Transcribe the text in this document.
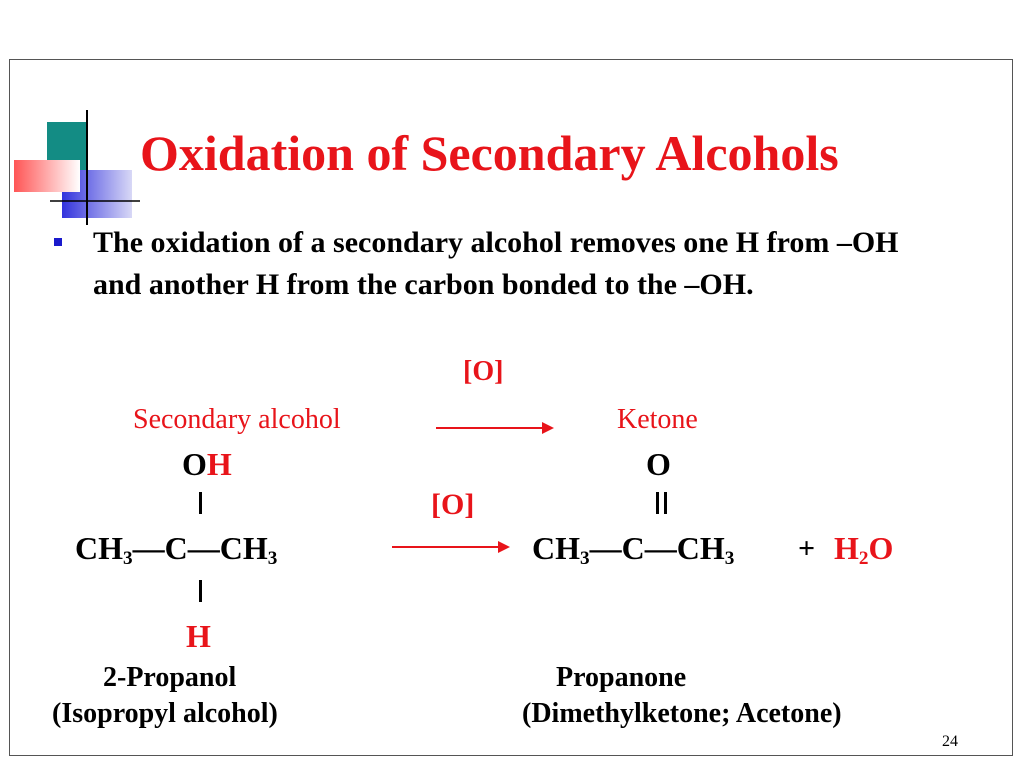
Oxidation of Secondary Alcohols
The oxidation of a secondary alcohol removes one H from –OH and another H from the carbon bonded to the –OH.
[O]
Secondary alcohol	Ketone
OH
$CH_3—C—CH_3$
H
[O]
O
$CH_3—C—CH_3 + H_2O$
2-Propanol
(Isopropyl alcohol)
Propanone
(Dimethylketone; Acetone)
24
